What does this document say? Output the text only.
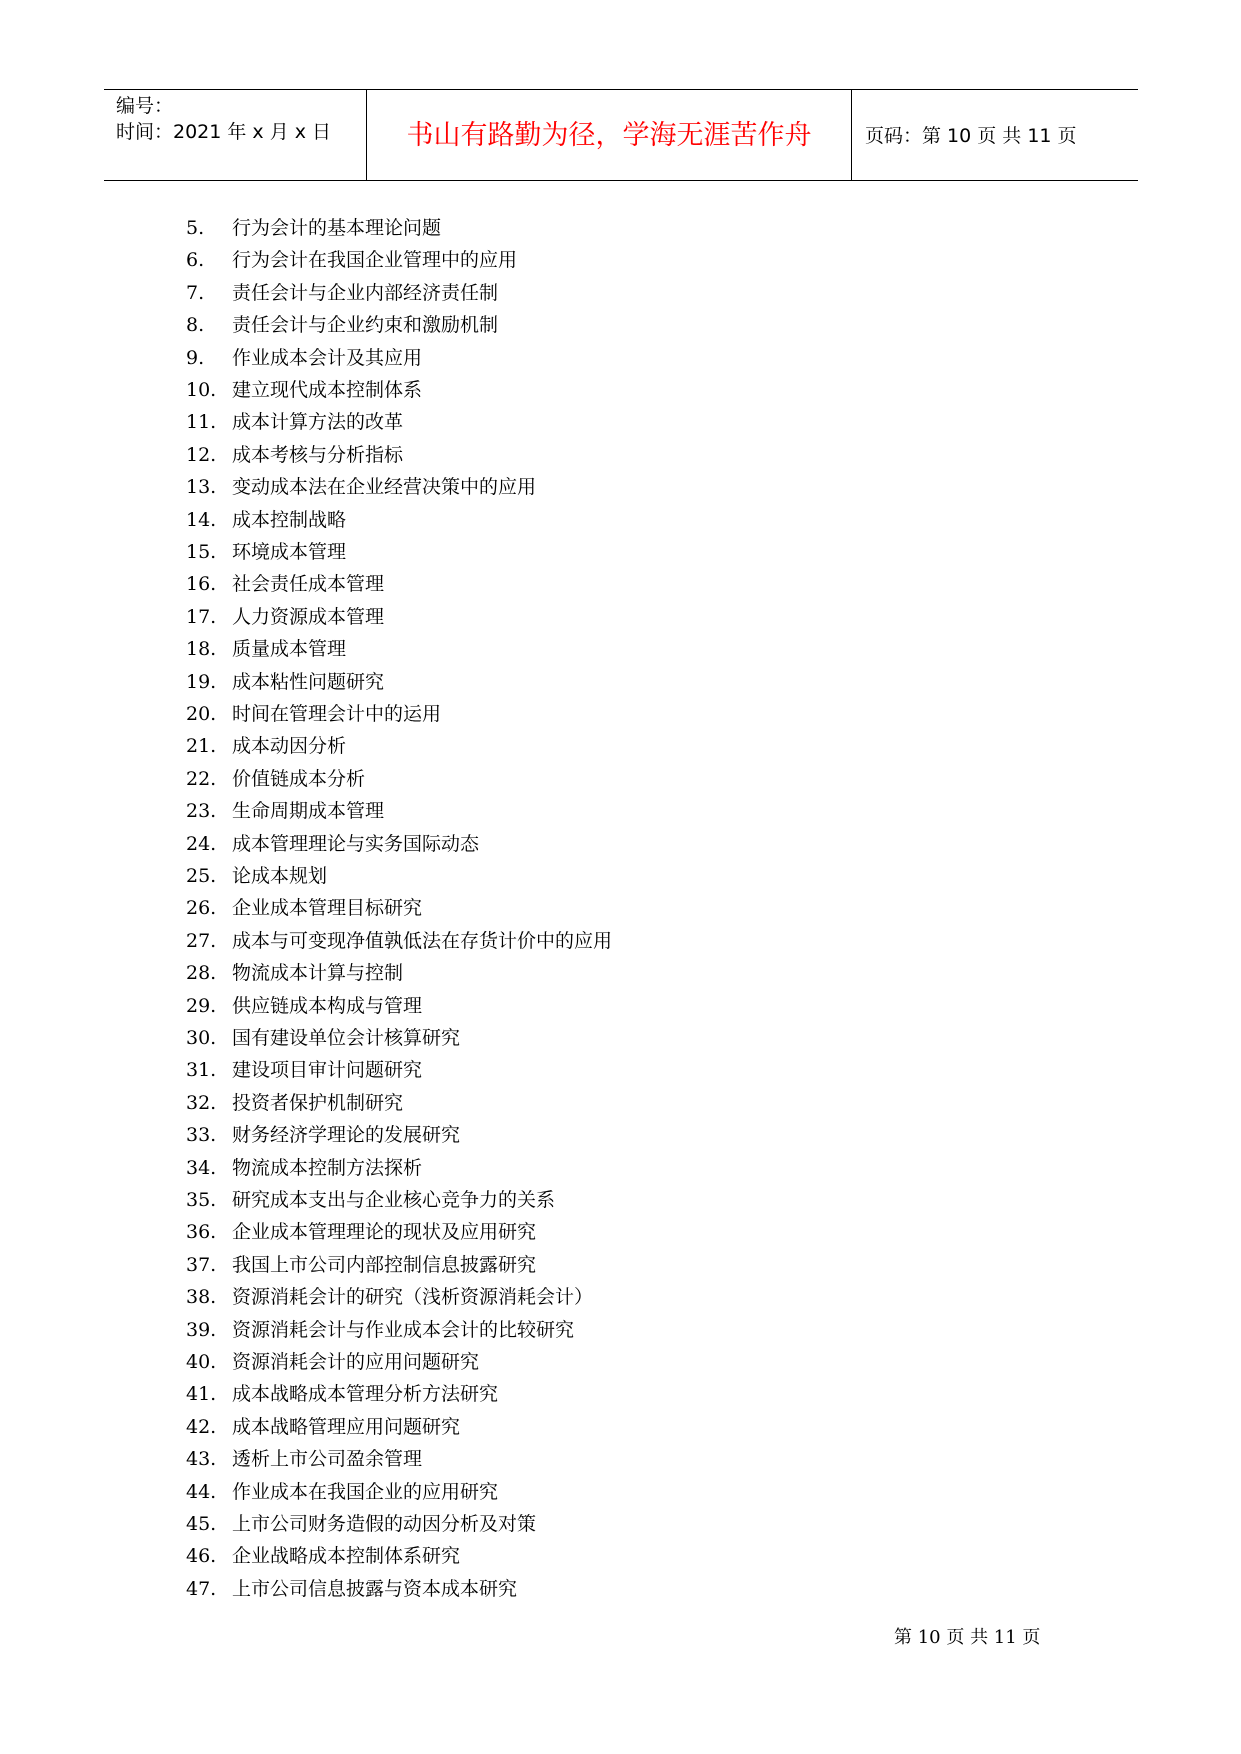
编号：
时间：2021 年 x 月 x 日	书山有路勤为径，学海无涯苦作舟	页码：第 10 页 共 11 页
5.	行为会计的基本理论问题
6.	行为会计在我国企业管理中的应用
7.	责任会计与企业内部经济责任制
8.	责任会计与企业约束和激励机制
9.	作业成本会计及其应用
10. 建立现代成本控制体系
11. 成本计算方法的改革
12. 成本考核与分析指标
13. 变动成本法在企业经营决策中的应用
14. 成本控制战略
15. 环境成本管理
16. 社会责任成本管理
17. 人力资源成本管理
18. 质量成本管理
19. 成本粘性问题研究
20. 时间在管理会计中的运用
21. 成本动因分析
22. 价值链成本分析
23. 生命周期成本管理
24. 成本管理理论与实务国际动态
25. 论成本规划
26. 企业成本管理目标研究
27. 成本与可变现净值孰低法在存货计价中的应用
28. 物流成本计算与控制
29. 供应链成本构成与管理
30. 国有建设单位会计核算研究
31. 建设项目审计问题研究
32. 投资者保护机制研究
33. 财务经济学理论的发展研究
34. 物流成本控制方法探析
35. 研究成本支出与企业核心竞争力的关系
36. 企业成本管理理论的现状及应用研究
37. 我国上市公司内部控制信息披露研究
38. 资源消耗会计的研究（浅析资源消耗会计）
39. 资源消耗会计与作业成本会计的比较研究
40. 资源消耗会计的应用问题研究
41. 成本战略成本管理分析方法研究
42. 成本战略管理应用问题研究
43. 透析上市公司盈余管理
44. 作业成本在我国企业的应用研究
45. 上市公司财务造假的动因分析及对策
46. 企业战略成本控制体系研究
47. 上市公司信息披露与资本成本研究
第 10 页 共 11 页
